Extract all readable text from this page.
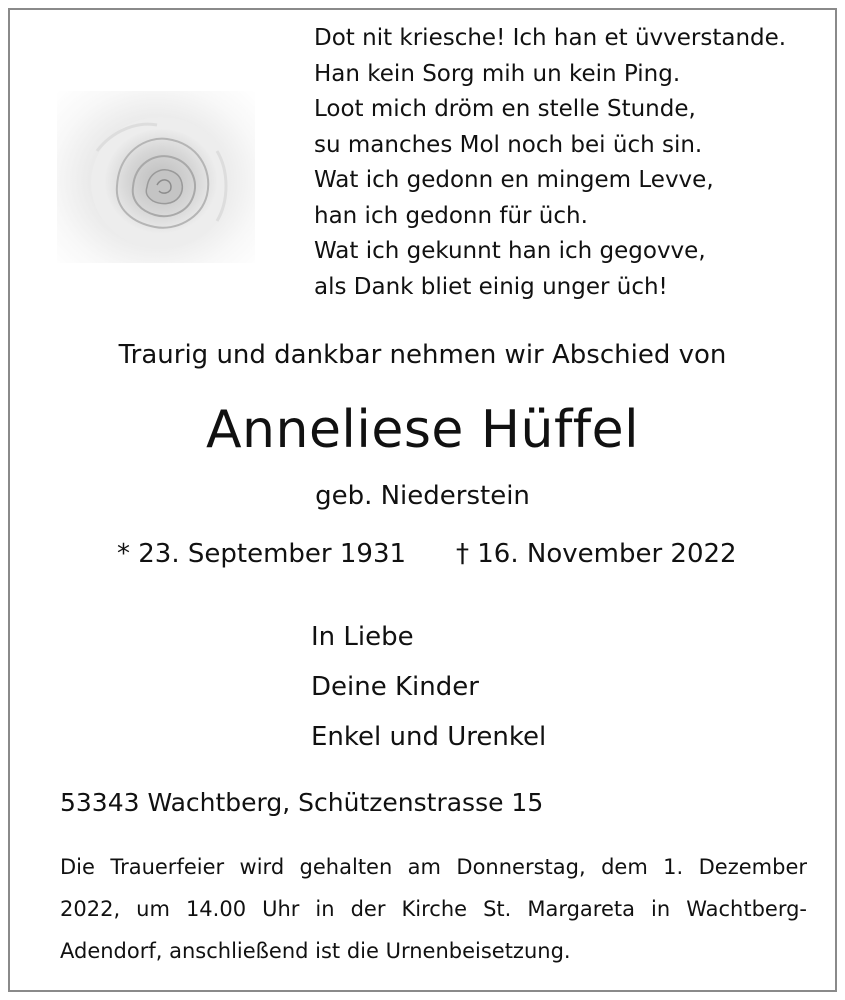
Dot nit kriesche! Ich han et üvverstande.
Han kein Sorg mih un kein Ping.
Loot mich dröm en stelle Stunde,
su manches Mol noch bei üch sin.
Wat ich gedonn en mingem Levve,
han ich gedonn für üch.
Wat ich gekunnt han ich gegovve,
als Dank bliet einig unger üch!
Traurig und dankbar nehmen wir Abschied von
Anneliese Hüffel
geb. Niederstein
* 23. September 1931 † 16. November 2022
In Liebe
Deine Kinder
Enkel und Urenkel
53343 Wachtberg, Schützenstrasse 15
Die Trauerfeier wird gehalten am Donnerstag, dem 1. Dezember
2022, um 14.00 Uhr in der Kirche St. Margareta in Wachtberg-
Adendorf, anschließend ist die Urnenbeisetzung.
